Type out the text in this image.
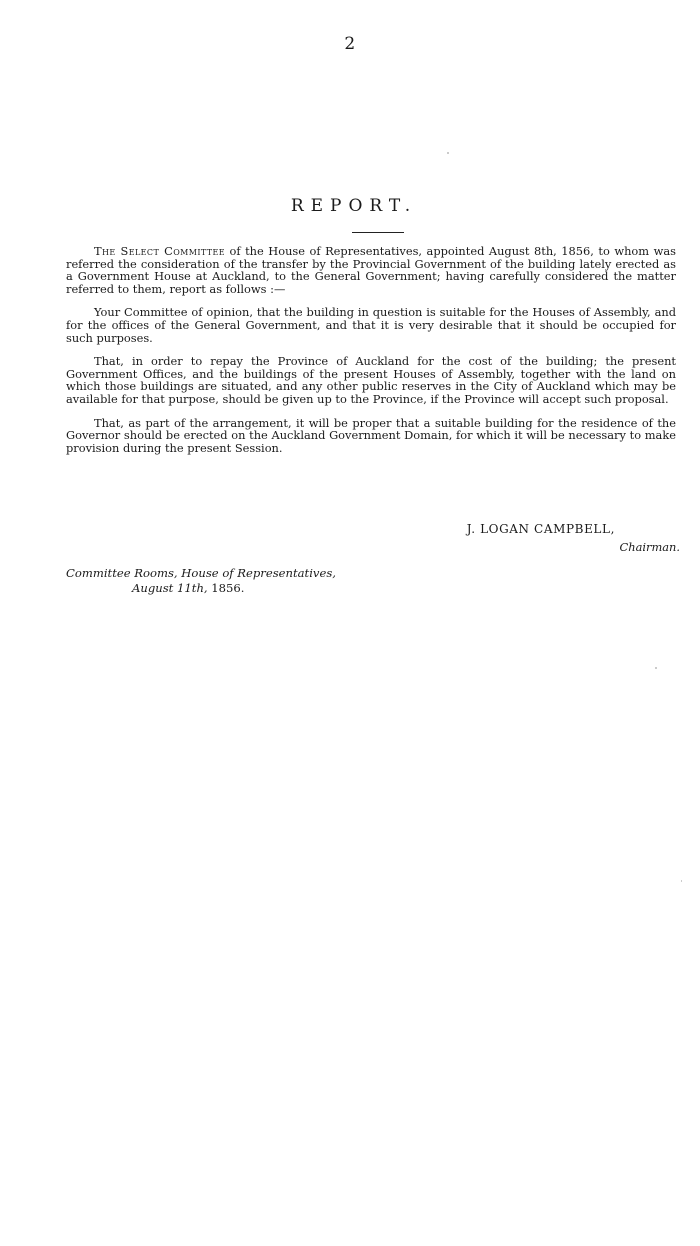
2
REPORT.

The Select Committee of the House of Representatives, appointed August 8th, 1856, to whom was referred the consideration of the transfer by the Provincial Government of the building lately erected as a Government House at Auckland, to the General Government; having carefully considered the matter referred to them, report as follows :—

Your Committee of opinion, that the building in question is suitable for the Houses of Assembly, and for the offices of the General Government, and that it is very desirable that it should be occupied for such purposes.

That, in order to repay the Province of Auckland for the cost of the building; the present Government Offices, and the buildings of the present Houses of Assembly, together with the land on which those buildings are situated, and any other public reserves in the City of Auckland which may be available for that purpose, should be given up to the Province, if the Province will accept such proposal.

That, as part of the arrangement, it will be proper that a suitable building for the residence of the Governor should be erected on the Auckland Government Domain, for which it will be necessary to make provision during the present Session.

J. LOGAN CAMPBELL,
Chairman.
Committee Rooms, House of Representatives,
August 11th, 1856.
